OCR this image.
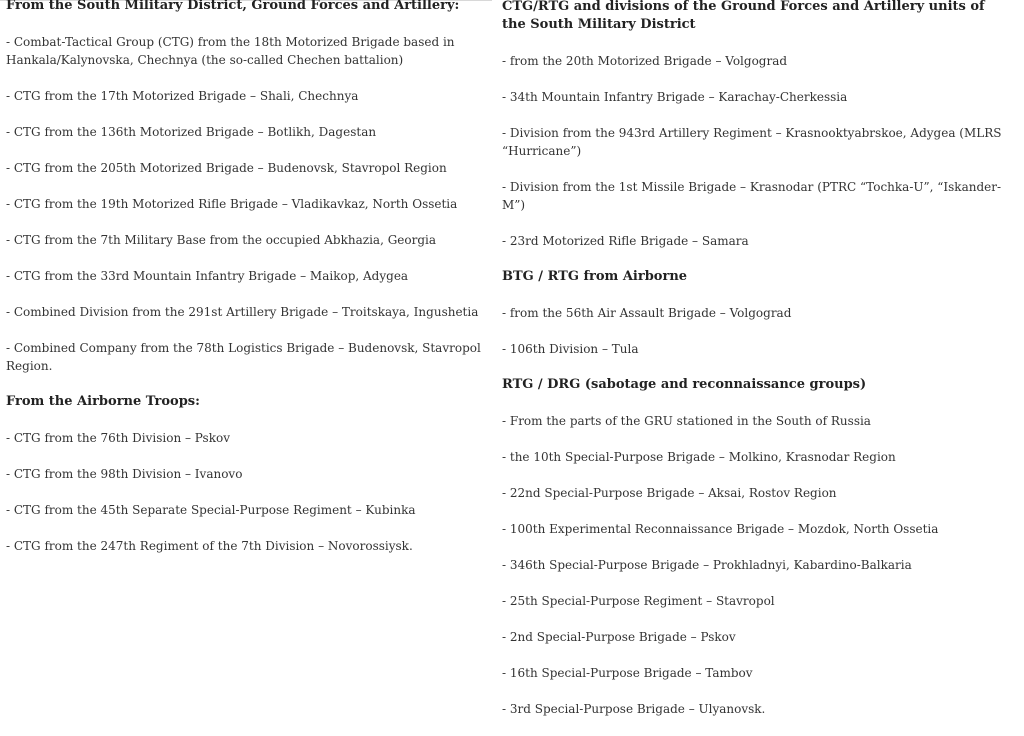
From the South Military District, Ground Forces and Artillery:
- Combat-Tactical Group (CTG) from the 18th Motorized Brigade based in Hankala/Kalynovska, Chechnya (the so-called Chechen battalion)
- CTG from the 17th Motorized Brigade – Shali, Chechnya
- CTG from the 136th Motorized Brigade – Botlikh, Dagestan
- CTG from the 205th Motorized Brigade – Budenovsk, Stavropol Region
- CTG from the 19th Motorized Rifle Brigade – Vladikavkaz, North Ossetia
- CTG from the 7th Military Base from the occupied Abkhazia, Georgia
- CTG from the 33rd Mountain Infantry Brigade – Maikop, Adygea
- Combined Division from the 291st Artillery Brigade – Troitskaya, Ingushetia
- Combined Company from the 78th Logistics Brigade – Budenovsk, Stavropol Region.
From the Airborne Troops:
- CTG from the 76th Division – Pskov
- CTG from the 98th Division – Ivanovo
- CTG from the 45th Separate Special-Purpose Regiment – Kubinka
- CTG from the 247th Regiment of the 7th Division – Novorossiysk.
CTG/RTG and divisions of the Ground Forces and Artillery units of the South Military District
- from the 20th Motorized Brigade – Volgograd
- 34th Mountain Infantry Brigade – Karachay-Cherkessia
- Division from the 943rd Artillery Regiment – Krasnooktyabrskoe, Adygea (MLRS “Hurricane”)
- Division from the 1st Missile Brigade – Krasnodar (PTRC “Tochka-U”, “Iskander-M”)
- 23rd Motorized Rifle Brigade – Samara
BTG / RTG from Airborne
- from the 56th Air Assault Brigade – Volgograd
- 106th Division – Tula
RTG / DRG (sabotage and reconnaissance groups)
- From the parts of the GRU stationed in the South of Russia
- the 10th Special-Purpose Brigade – Molkino, Krasnodar Region
- 22nd Special-Purpose Brigade – Aksai, Rostov Region
- 100th Experimental Reconnaissance Brigade – Mozdok, North Ossetia
- 346th Special-Purpose Brigade – Prokhladnyi, Kabardino-Balkaria
- 25th Special-Purpose Regiment – Stavropol
- 2nd Special-Purpose Brigade – Pskov
- 16th Special-Purpose Brigade – Tambov
- 3rd Special-Purpose Brigade – Ulyanovsk.
